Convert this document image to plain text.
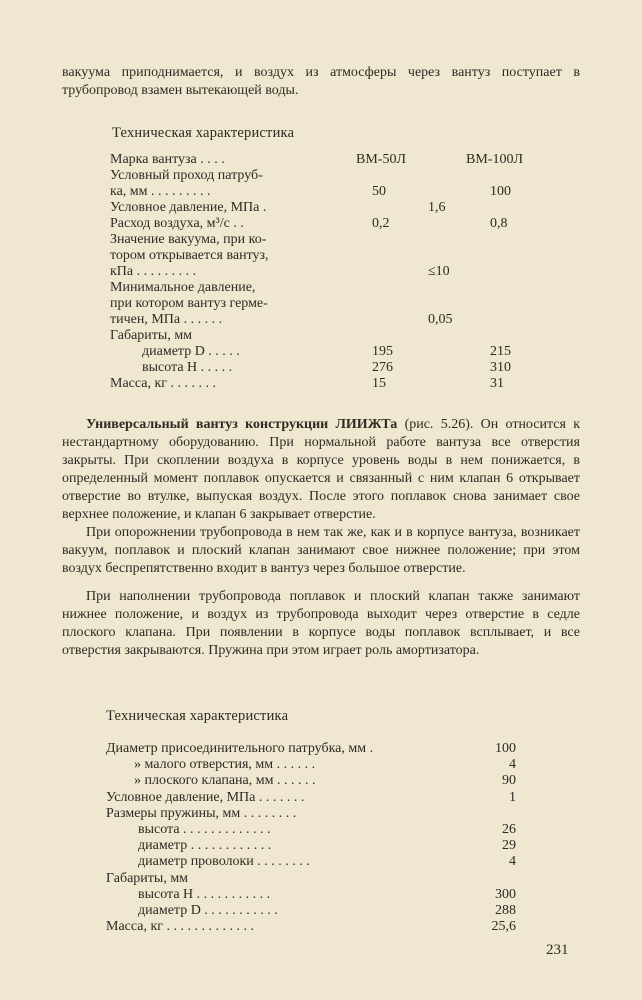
вакуума приподнимается, и воздух из атмосферы через вантуз поступает в трубопровод взамен вытекающей воды.
Техническая характеристика
Марка вантуза . . . .	ВМ-50Л	ВМ-100Л
Условный проход патруб-
ка, мм . . . . . . . . .	50	100
Условное давление, МПа .	1,6
Расход воздуха, м³/с . .	0,2	0,8
Значение вакуума, при ко-
тором открывается вантуз,
кПа . . . . . . . . .	≤10
Минимальное давление,
при котором вантуз герме-
тичен, МПа . . . . . .	0,05
Габариты, мм
диаметр D . . . . .	195	215
высота H . . . . .	276	310
Масса, кг . . . . . . .	15	31
Универсальный вантуз конструкции ЛИИЖТа (рис. 5.26). Он относится к нестандартному оборудованию. При нормальной работе вантуза все отверстия закрыты. При скоплении воздуха в корпусе уровень воды в нем понижается, в определенный момент поплавок опускается и связанный с ним клапан 6 открывает отверстие во втулке, выпуская воздух. После этого поплавок снова занимает свое верхнее положение, и клапан 6 закрывает отверстие.
При опорожнении трубопровода в нем так же, как и в корпусе вантуза, возникает вакуум, поплавок и плоский клапан занимают свое нижнее положение; при этом воздух беспрепятственно входит в вантуз через большое отверстие.
При наполнении трубопровода поплавок и плоский клапан также занимают нижнее положение, и воздух из трубопровода выходит через отверстие в седле плоского клапана. При появлении в корпусе воды поплавок всплывает, и все отверстия закрываются. Пружина при этом играет роль амортизатора.
Техническая характеристика
Диаметр присоединительного патрубка, мм .	100
» малого отверстия, мм . . . . . .	4
» плоского клапана, мм . . . . . .	90
Условное давление, МПа . . . . . . .	1
Размеры пружины, мм . . . . . . . .
высота . . . . . . . . . . . . .	26
диаметр . . . . . . . . . . . .	29
диаметр проволоки . . . . . . . .	4
Габариты, мм
высота H . . . . . . . . . . .	300
диаметр D . . . . . . . . . . .	288
Масса, кг . . . . . . . . . . . . .	25,6
231
